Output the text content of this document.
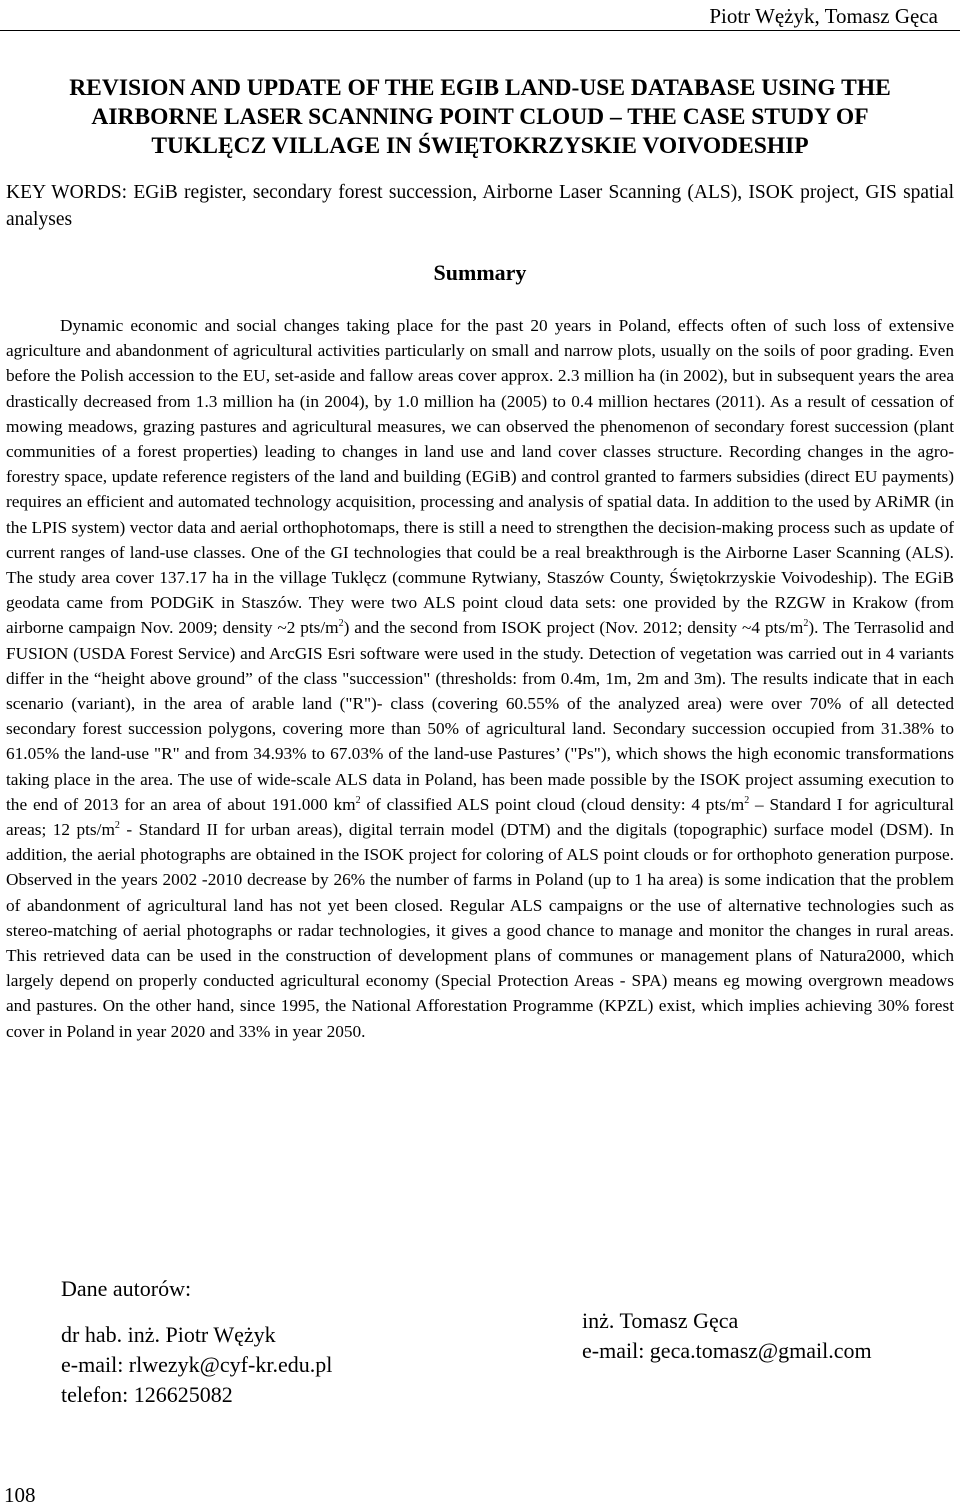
Piotr Wężyk, Tomasz Gęca
REVISION AND UPDATE OF THE EGIB LAND-USE DATABASE USING THE
AIRBORNE LASER SCANNING POINT CLOUD – THE CASE STUDY OF
TUKLĘCZ VILLAGE IN ŚWIĘTOKRZYSKIE VOIVODESHIP
KEY WORDS: EGiB register, secondary forest succession, Airborne Laser Scanning (ALS), ISOK project, GIS spatial analyses
Summary
Dynamic economic and social changes taking place for the past 20 years in Poland, effects often of such loss of extensive agriculture and abandonment of agricultural activities particularly on small and narrow plots, usually on the soils of poor grading. Even before the Polish accession to the EU, set-aside and fallow areas cover approx. 2.3 million ha (in 2002), but in subsequent years the area drastically decreased from 1.3 million ha (in 2004), by 1.0 million ha (2005) to 0.4 million hectares (2011). As a result of cessation of mowing meadows, grazing pastures and agricultural measures, we can observed the phenomenon of secondary forest succession (plant communities of a forest properties) leading to changes in land use and land cover classes structure. Recording changes in the agro-forestry space, update reference registers of the land and building (EGiB) and control granted to farmers subsidies (direct EU payments) requires an efficient and automated technology acquisition, processing and analysis of spatial data. In addition to the used by ARiMR (in the LPIS system) vector data and aerial orthophotomaps, there is still a need to strengthen the decision-making process such as update of current ranges of land-use classes. One of the GI technologies that could be a real breakthrough is the Airborne Laser Scanning (ALS). The study area cover 137.17 ha in the village Tuklęcz (commune Rytwiany, Staszów County, Świętokrzyskie Voivodeship). The EGiB geodata came from PODGiK in Staszów. They were two ALS point cloud data sets: one provided by the RZGW in Krakow (from airborne campaign Nov. 2009; density ~2 pts/$m^2$) and the second from ISOK project (Nov. 2012; density ~4 pts/$m^2$). The Terrasolid and FUSION (USDA Forest Service) and ArcGIS Esri software were used in the study. Detection of vegetation was carried out in 4 variants differ in the “height above ground” of the class "succession" (thresholds: from 0.4m, 1m, 2m and 3m). The results indicate that in each scenario (variant), in the area of arable land ("R")- class (covering 60.55% of the analyzed area) were over 70% of all detected secondary forest succession polygons, covering more than 50% of agricultural land. Secondary succession occupied from 31.38% to 61.05% the land-use "R" and from 34.93% to 67.03% of the land-use Pastures’ ("Ps"), which shows the high economic transformations taking place in the area. The use of wide-scale ALS data in Poland, has been made possible by the ISOK project assuming execution to the end of 2013 for an area of about 191.000 $km^2$ of classified ALS point cloud (cloud density: 4 pts/$m^2$ – Standard I for agricultural areas; 12 pts/$m^2$ - Standard II for urban areas), digital terrain model (DTM) and the digitals (topographic) surface model (DSM). In addition, the aerial photographs are obtained in the ISOK project for coloring of ALS point clouds or for orthophoto generation purpose. Observed in the years 2002 -2010 decrease by 26% the number of farms in Poland (up to 1 ha area) is some indication that the problem of abandonment of agricultural land has not yet been closed. Regular ALS campaigns or the use of alternative technologies such as stereo-matching of aerial photographs or radar technologies, it gives a good chance to manage and monitor the changes in rural areas. This retrieved data can be used in the construction of development plans of communes or management plans of Natura2000, which largely depend on properly conducted agricultural economy (Special Protection Areas - SPA) means eg mowing overgrown meadows and pastures. On the other hand, since 1995, the National Afforestation Programme (KPZL) exist, which implies achieving 30% forest cover in Poland in year 2020 and 33% in year 2050.
Dane autorów:
dr hab. inż. Piotr Wężyk
e-mail: rlwezyk@cyf-kr.edu.pl
telefon: 126625082
inż. Tomasz Gęca
e-mail: geca.tomasz@gmail.com
108
